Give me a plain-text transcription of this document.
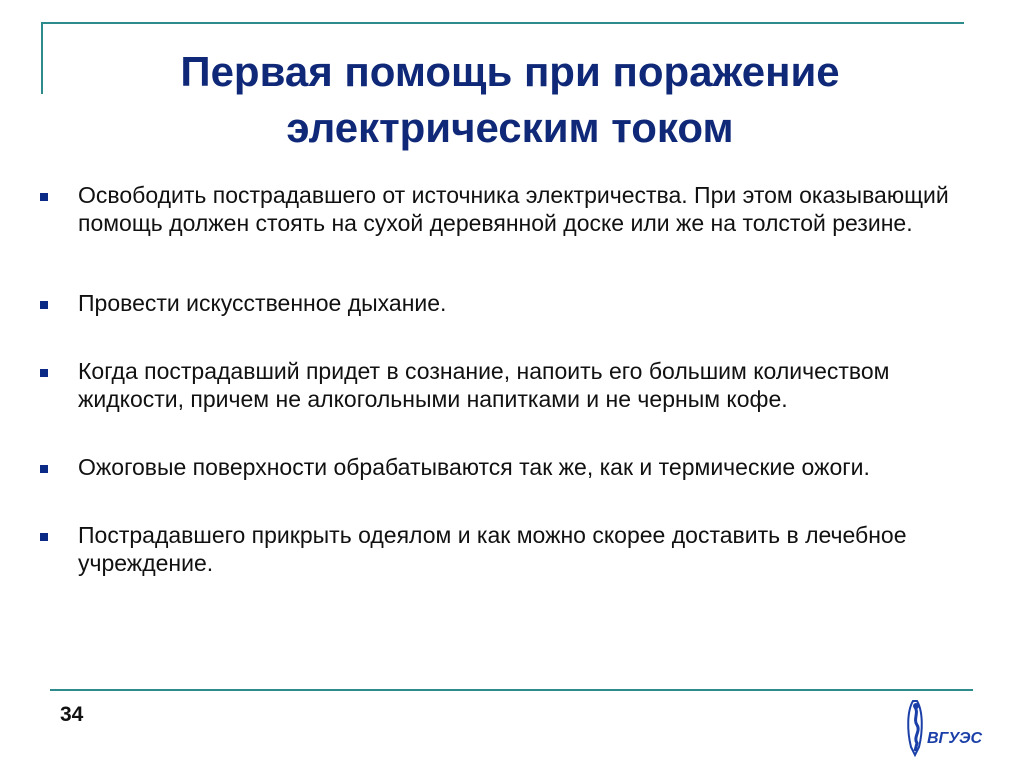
Первая помощь при поражение
электрическим током
Освободить пострадавшего от источника электричества. При этом оказывающий помощь должен стоять на сухой деревянной доске или же на толстой резине.
Провести искусственное дыхание.
Когда пострадавший придет в сознание, напоить его большим количеством жидкости, причем не алкогольными напитками и не черным кофе.
Ожоговые поверхности обрабатываются так же, как и термические ожоги.
Пострадавшего прикрыть одеялом и как можно скорее доставить в лечебное учреждение.
34
ВГУЭС
